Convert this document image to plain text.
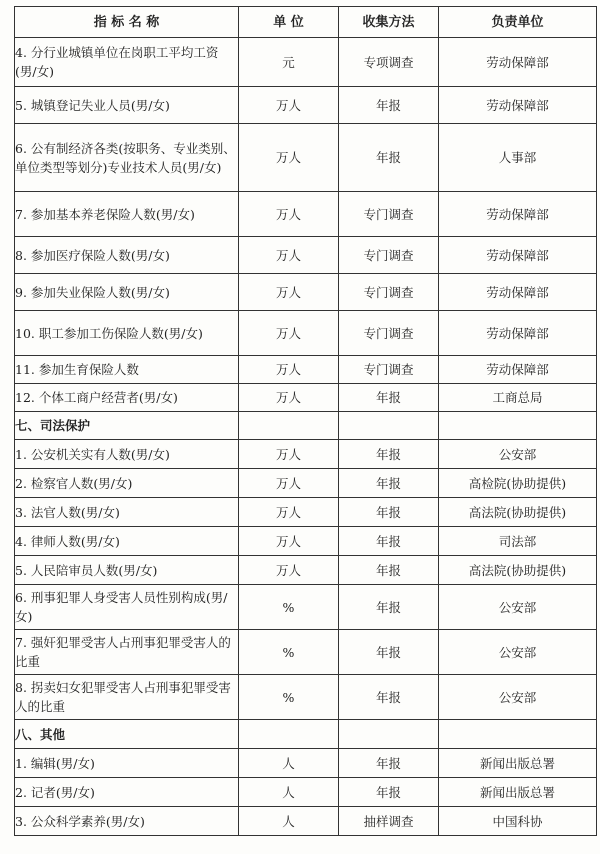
指 标 名 称	单 位	收集方法	负责单位
4. 分行业城镇单位在岗职工平均工资(男/女)	元	专项调查	劳动保障部
5. 城镇登记失业人员(男/女)	万人	年报	劳动保障部
6. 公有制经济各类(按职务、专业类别、单位类型等划分)专业技术人员(男/女)	万人	年报	人事部
7. 参加基本养老保险人数(男/女)	万人	专门调查	劳动保障部
8. 参加医疗保险人数(男/女)	万人	专门调查	劳动保障部
9. 参加失业保险人数(男/女)	万人	专门调查	劳动保障部
10. 职工参加工伤保险人数(男/女)	万人	专门调查	劳动保障部
11. 参加生育保险人数	万人	专门调查	劳动保障部
12. 个体工商户经营者(男/女)	万人	年报	工商总局
七、司法保护			
1. 公安机关实有人数(男/女)	万人	年报	公安部
2. 检察官人数(男/女)	万人	年报	高检院(协助提供)
3. 法官人数(男/女)	万人	年报	高法院(协助提供)
4. 律师人数(男/女)	万人	年报	司法部
5. 人民陪审员人数(男/女)	万人	年报	高法院(协助提供)
6. 刑事犯罪人身受害人员性别构成(男/女)	%	年报	公安部
7. 强奸犯罪受害人占刑事犯罪受害人的比重	%	年报	公安部
8. 拐卖妇女犯罪受害人占刑事犯罪受害人的比重	%	年报	公安部
八、其他			
1. 编辑(男/女)	人	年报	新闻出版总署
2. 记者(男/女)	人	年报	新闻出版总署
3. 公众科学素养(男/女)	人	抽样调查	中国科协
